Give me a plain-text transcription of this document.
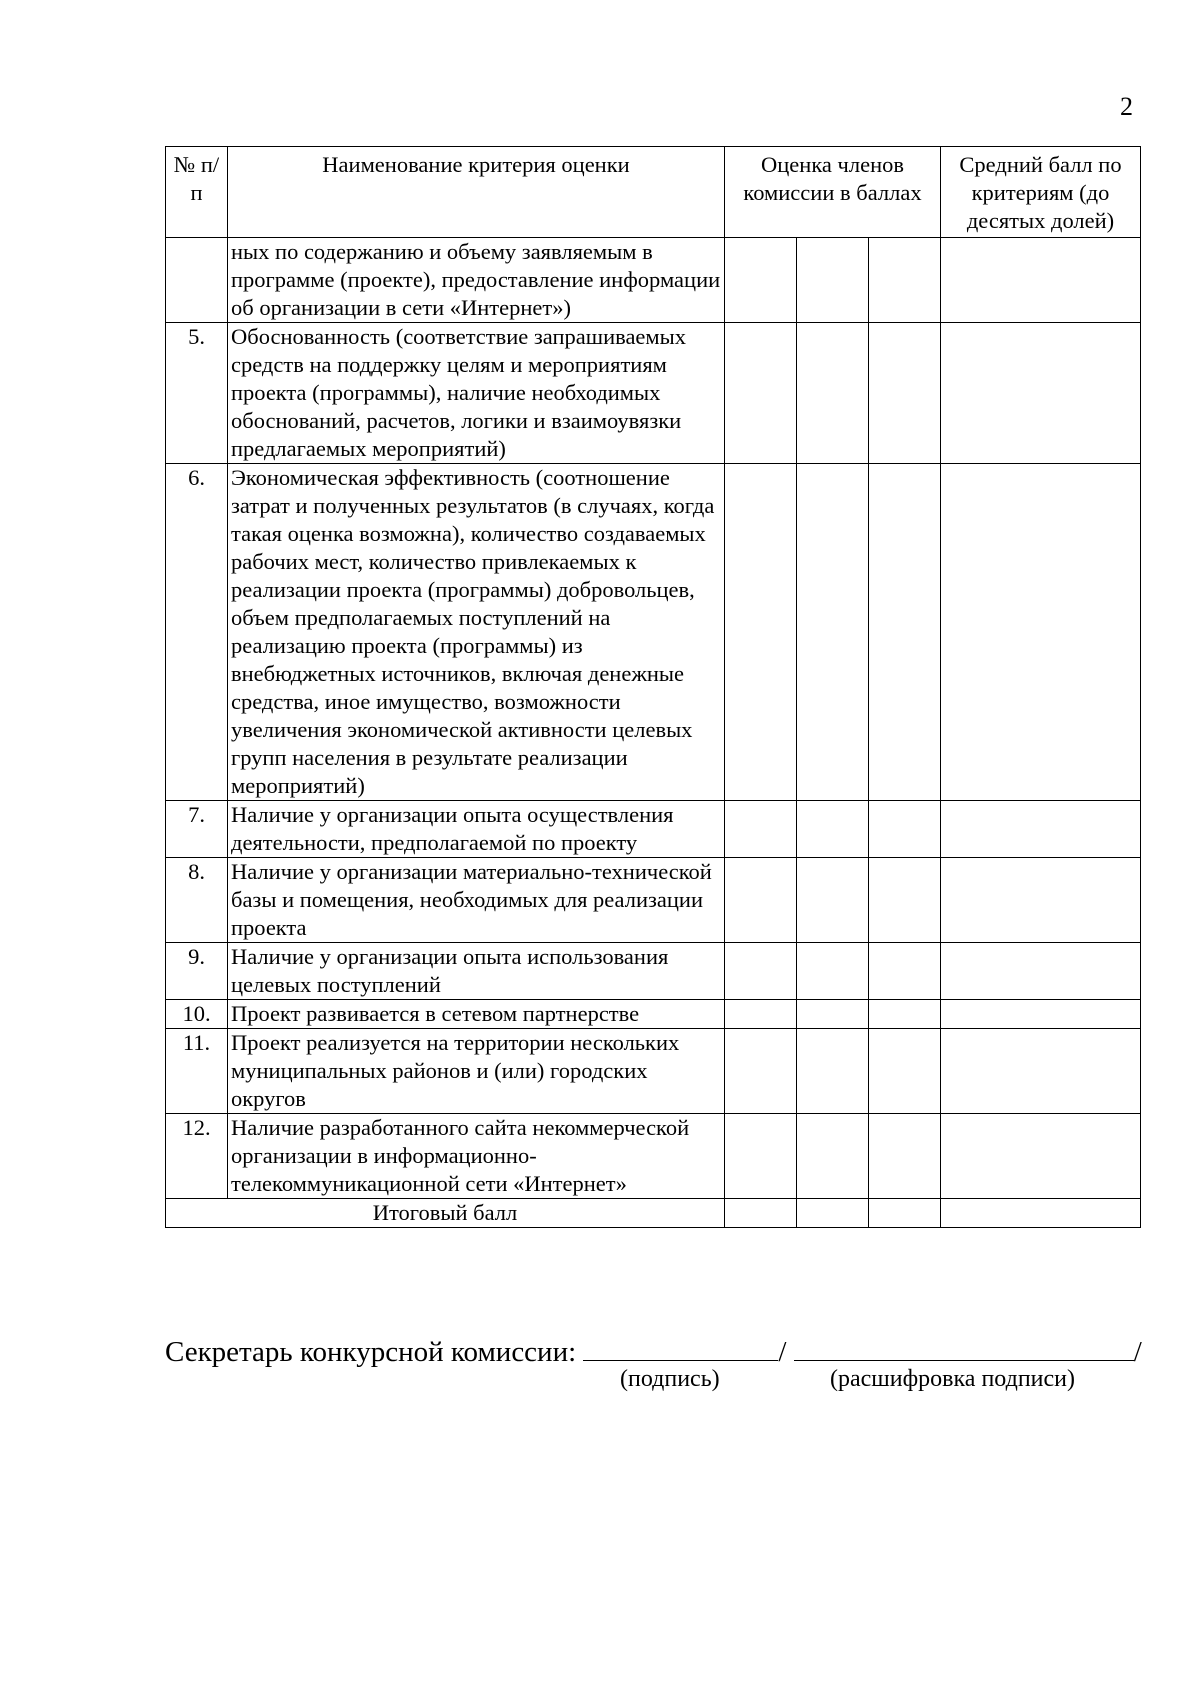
2
№ п/п	Наименование критерия оценки	Оценка членов комиссии в баллах			Средний балл по критериям (до десятых долей)
	ных по содержанию и объему заявляемым в программе (проекте), предоставление информации об организации в сети «Интернет»)				
5.	Обоснованность (соответствие запрашиваемых средств на поддержку целям и мероприятиям проекта (программы), наличие необходимых обоснований, расчетов, логики и взаимоувязки предлагаемых мероприятий)				
6.	Экономическая эффективность (соотношение затрат и полученных результатов (в случаях, когда такая оценка возможна), количество создаваемых рабочих мест, количество привлекаемых к реализации проекта (программы) добровольцев, объем предполагаемых поступлений на реализацию проекта (программы) из внебюджетных источников, включая денежные средства, иное имущество, возможности увеличения экономической активности целевых групп населения в результате реализации мероприятий)				
7.	Наличие у организации опыта осуществления деятельности, предполагаемой по проекту				
8.	Наличие у организации материально-технической базы и помещения, необходимых для реализации проекта				
9.	Наличие у организации опыта использования целевых поступлений				
10.	Проект развивается в сетевом партнерстве				
11.	Проект реализуется на территории нескольких муниципальных районов и (или) городских округов				
12.	Наличие разработанного сайта некоммерческой организации в информационно-телекоммуникационной сети «Интернет»				
Итоговый балл					
Секретарь конкурсной комиссии:	/	/
(подпись)	(расшифровка подписи)
